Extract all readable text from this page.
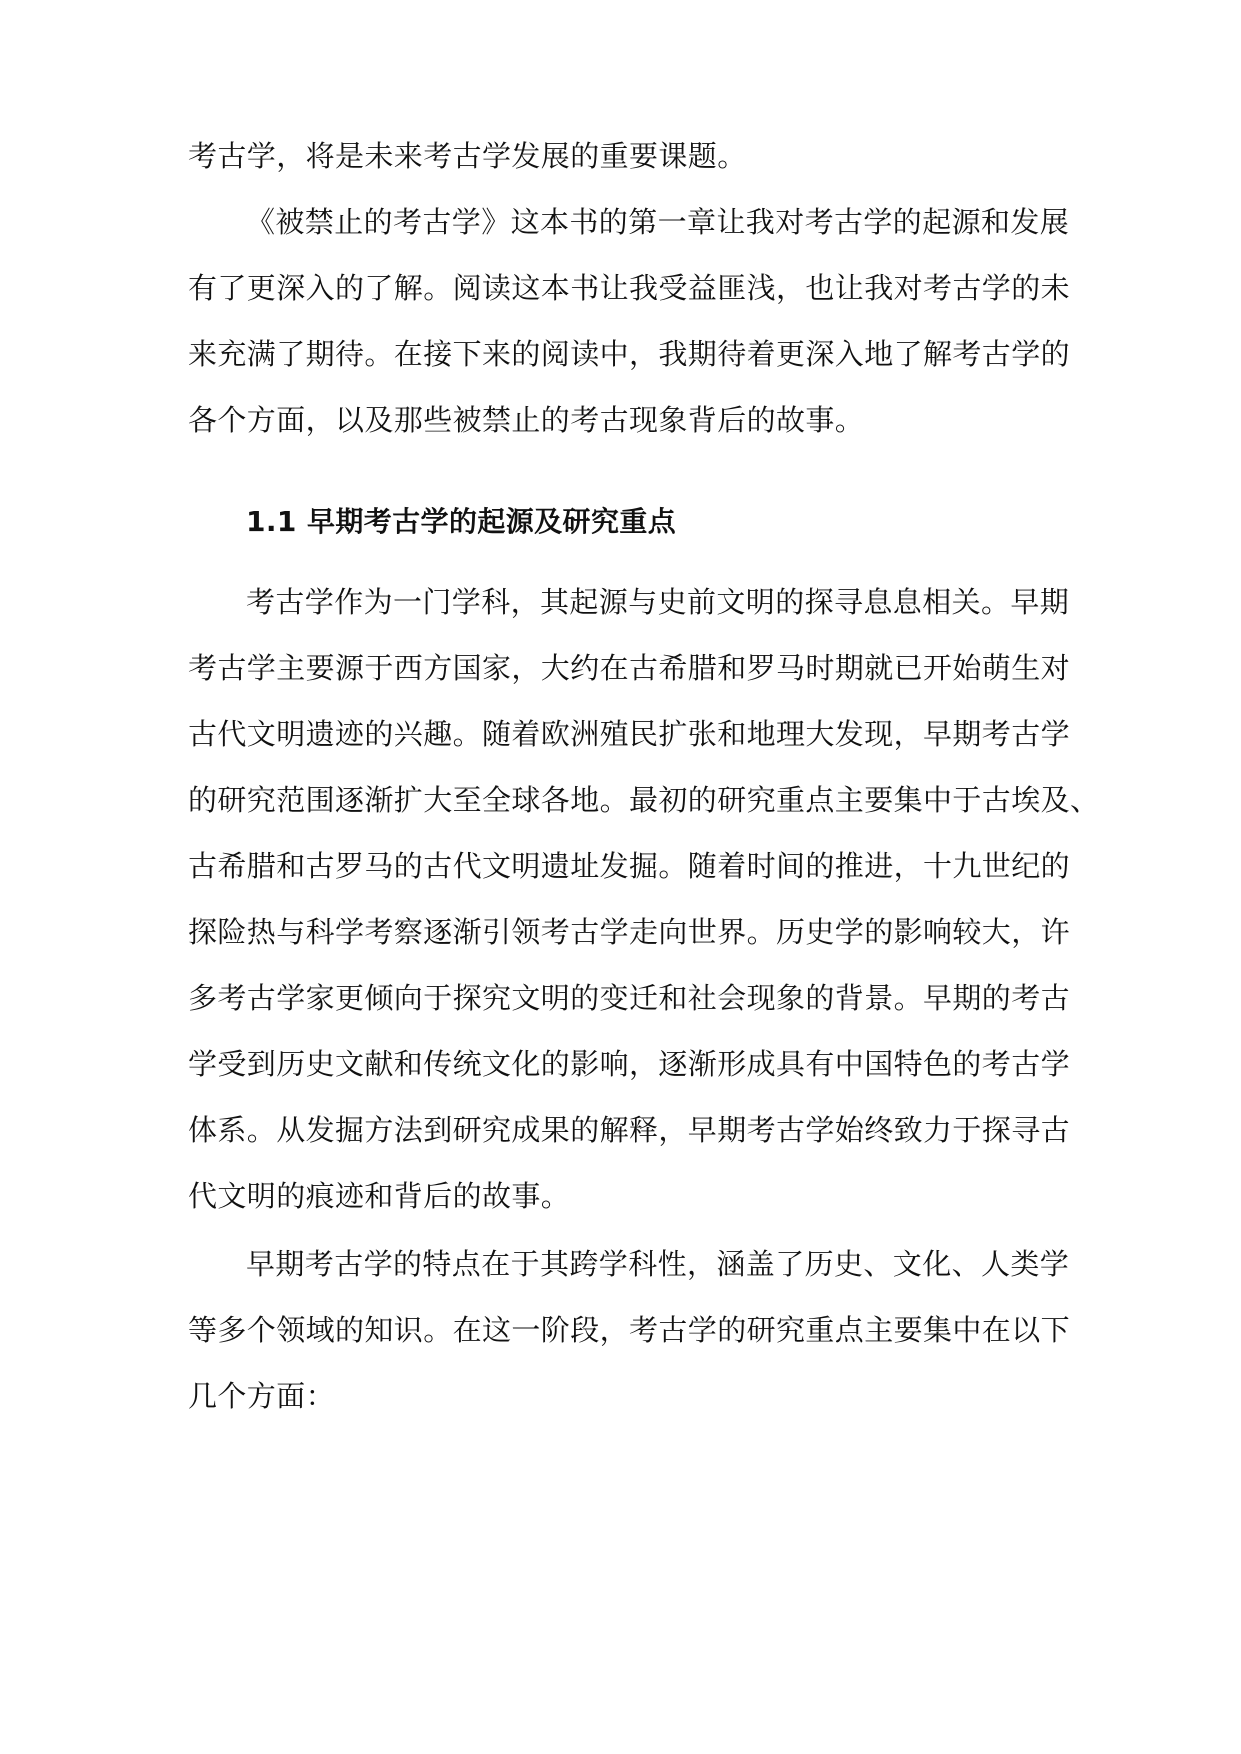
考古学，将是未来考古学发展的重要课题。
《被禁止的考古学》这本书的第一章让我对考古学的起源和发展
有了更深入的了解。阅读这本书让我受益匪浅，也让我对考古学的未
来充满了期待。在接下来的阅读中，我期待着更深入地了解考古学的
各个方面，以及那些被禁止的考古现象背后的故事。
1.1 早期考古学的起源及研究重点
考古学作为一门学科，其起源与史前文明的探寻息息相关。早期
考古学主要源于西方国家，大约在古希腊和罗马时期就已开始萌生对
古代文明遗迹的兴趣。随着欧洲殖民扩张和地理大发现，早期考古学
的研究范围逐渐扩大至全球各地。最初的研究重点主要集中于古埃及、
古希腊和古罗马的古代文明遗址发掘。随着时间的推进，十九世纪的
探险热与科学考察逐渐引领考古学走向世界。历史学的影响较大，许
多考古学家更倾向于探究文明的变迁和社会现象的背景。早期的考古
学受到历史文献和传统文化的影响，逐渐形成具有中国特色的考古学
体系。从发掘方法到研究成果的解释，早期考古学始终致力于探寻古
代文明的痕迹和背后的故事。
早期考古学的特点在于其跨学科性，涵盖了历史、文化、人类学
等多个领域的知识。在这一阶段，考古学的研究重点主要集中在以下
几个方面：
